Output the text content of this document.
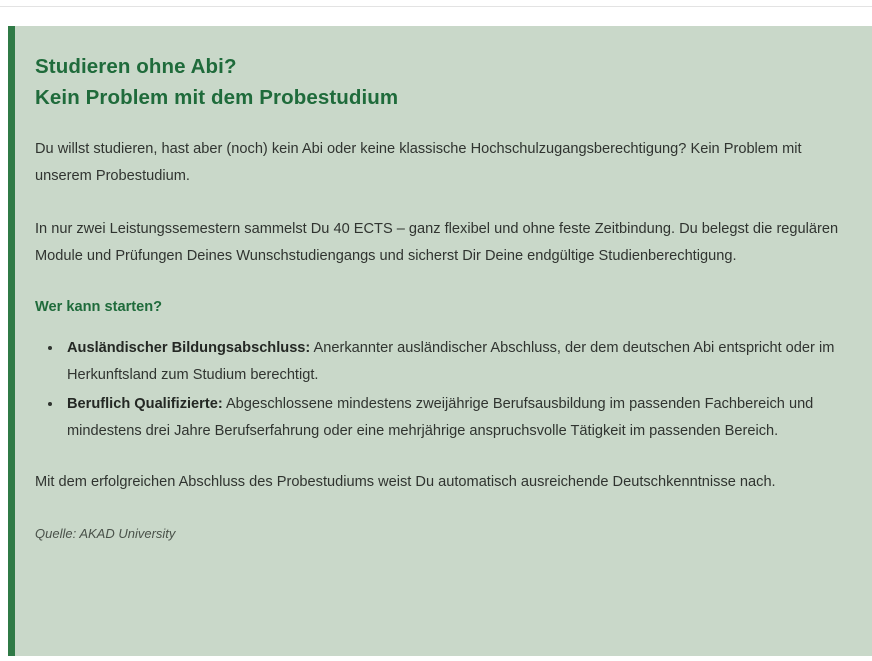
Studieren ohne Abi?
Kein Problem mit dem Probestudium

Du willst studieren, hast aber (noch) kein Abi oder keine klassische Hochschulzugangsberechtigung? Kein Problem mit unserem Probestudium.

In nur zwei Leistungssemestern sammelst Du 40 ECTS – ganz flexibel und ohne feste Zeitbindung. Du belegst die regulären Module und Prüfungen Deines Wunschstudiengangs und sicherst Dir Deine endgültige Studienberechtigung.

Wer kann starten?

• Ausländischer Bildungsabschluss: Anerkannter ausländischer Abschluss, der dem deutschen Abi entspricht oder im Herkunftsland zum Studium berechtigt.
• Beruflich Qualifizierte: Abgeschlossene mindestens zweijährige Berufsausbildung im passenden Fachbereich und mindestens drei Jahre Berufserfahrung oder eine mehrjährige anspruchsvolle Tätigkeit im passenden Bereich.

Mit dem erfolgreichen Abschluss des Probestudiums weist Du automatisch ausreichende Deutschkenntnisse nach.

Quelle: AKAD University
